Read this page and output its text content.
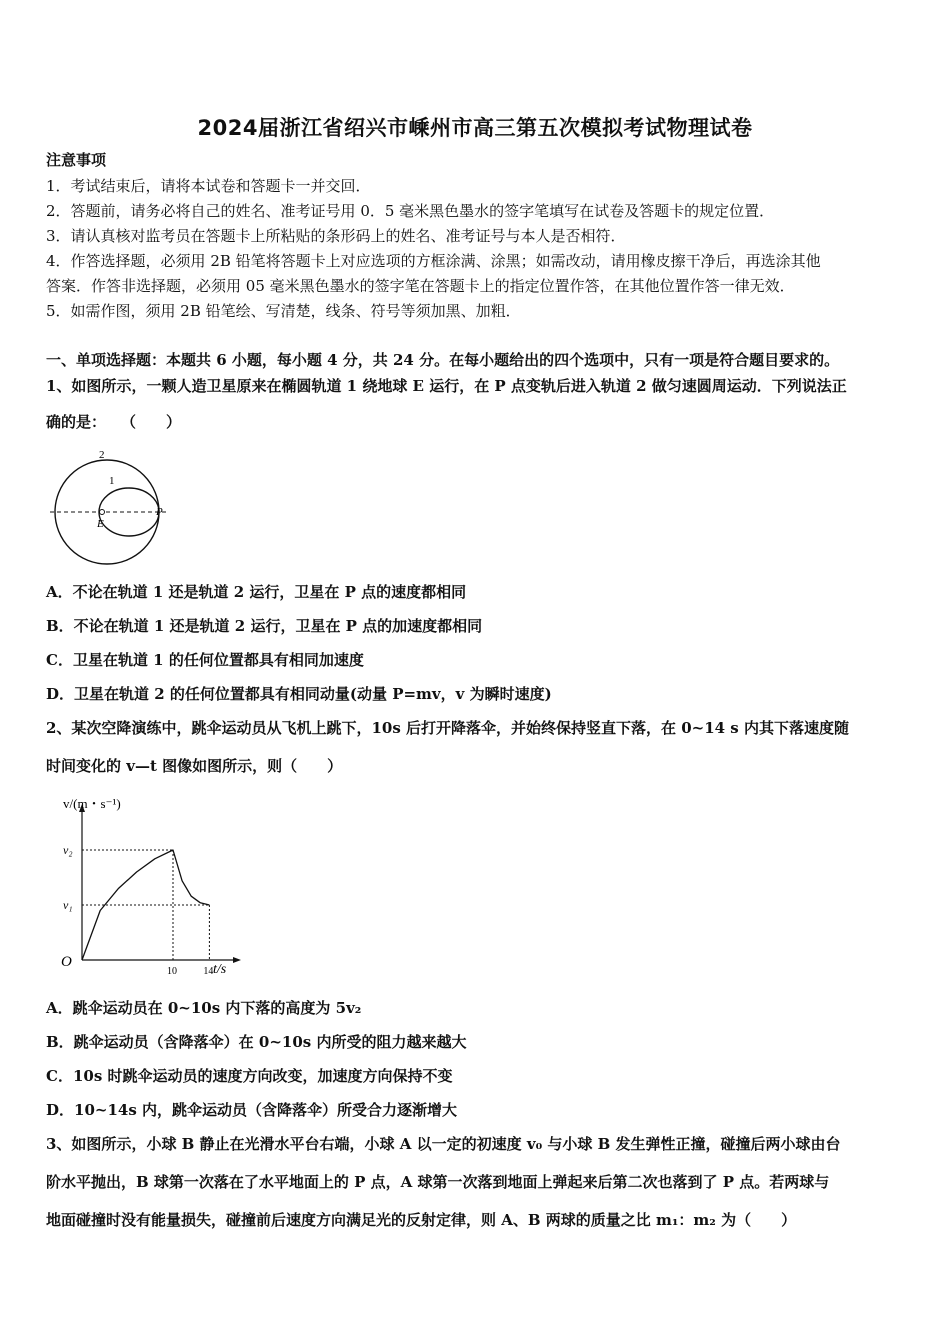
2024届浙江省绍兴市嵊州市高三第五次模拟考试物理试卷
注意事项
1．考试结束后，请将本试卷和答题卡一并交回．
2．答题前，请务必将自己的姓名、准考证号用 0．5 毫米黑色墨水的签字笔填写在试卷及答题卡的规定位置．
3．请认真核对监考员在答题卡上所粘贴的条形码上的姓名、准考证号与本人是否相符．
4．作答选择题，必须用 2B 铅笔将答题卡上对应选项的方框涂满、涂黑；如需改动，请用橡皮擦干净后，再选涂其他
答案．作答非选择题，必须用 05 毫米黑色墨水的签字笔在答题卡上的指定位置作答，在其他位置作答一律无效．
5．如需作图，须用 2B 铅笔绘、写清楚，线条、符号等须加黑、加粗．
一、单项选择题：本题共 6 小题，每小题 4 分，共 24 分。在每小题给出的四个选项中，只有一项是符合题目要求的。
1、如图所示，一颗人造卫星原来在椭圆轨道 1 绕地球 E 运行，在 P 点变轨后进入轨道 2 做匀速圆周运动．下列说法正
确的是：　　（　　）
2
1
E
P
A．不论在轨道 1 还是轨道 2 运行，卫星在 P 点的速度都相同
B．不论在轨道 1 还是轨道 2 运行，卫星在 P 点的加速度都相同
C．卫星在轨道 1 的任何位置都具有相同加速度
D．卫星在轨道 2 的任何位置都具有相同动量(动量 P=mv，v 为瞬时速度)
2、某次空降演练中，跳伞运动员从飞机上跳下，10s 后打开降落伞，并始终保持竖直下落，在 0~14 s 内其下落速度随
时间变化的 v—t 图像如图所示，则（　　）
v/(m・s⁻¹)
t/s
O
10	14
v₂
v₁
A．跳伞运动员在 0~10s 内下落的高度为 5v₂
B．跳伞运动员（含降落伞）在 0~10s 内所受的阻力越来越大
C．10s 时跳伞运动员的速度方向改变，加速度方向保持不变
D．10~14s 内，跳伞运动员（含降落伞）所受合力逐渐增大
3、如图所示，小球 B 静止在光滑水平台右端，小球 A 以一定的初速度 v₀ 与小球 B 发生弹性正撞，碰撞后两小球由台
阶水平抛出，B 球第一次落在了水平地面上的 P 点，A 球第一次落到地面上弹起来后第二次也落到了 P 点。若两球与
地面碰撞时没有能量损失，碰撞前后速度方向满足光的反射定律，则 A、B 两球的质量之比 m₁：m₂ 为（　　）
